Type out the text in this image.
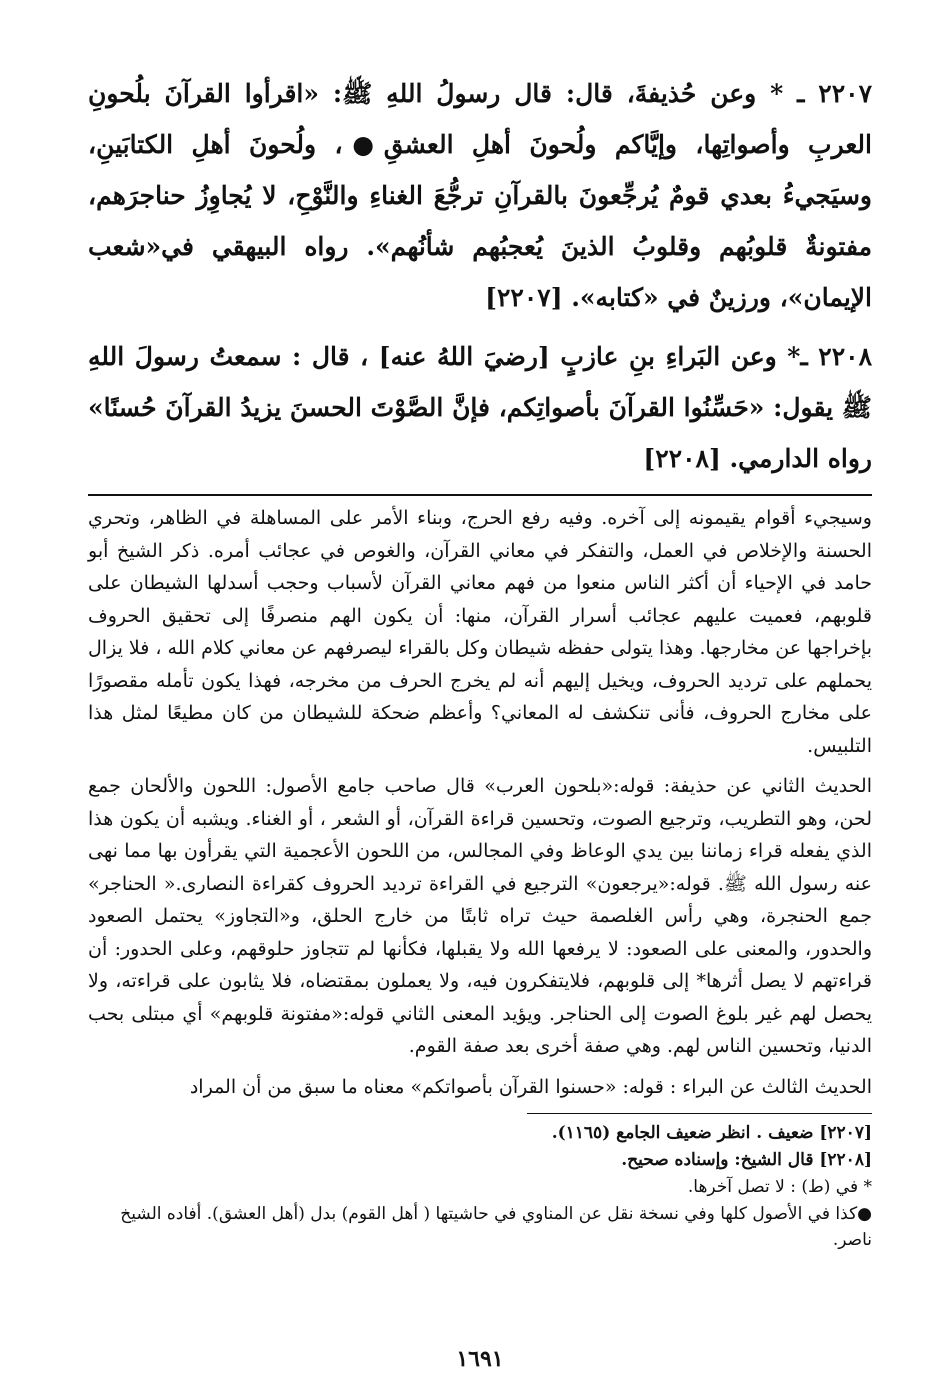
٢٢٠٧ ـ * وعن حُذيفةَ، قال: قال رسولُ اللهِ ﷺ: «اقرأوا القرآنَ بلُحونِ العربِ وأصواتِها، وإيَّاكم ولُحونَ أهلِ العشقِ●، ولُحونَ أهلِ الكتابَينِ، وسيَجيءُ بعدي قومٌ يُرجِّعونَ بالقرآنِ ترجُّعَ الغناءِ والنَّوْحِ، لا يُجاوِزُ حناجرَهم، مفتونةٌ قلوبُهم وقلوبُ الذينَ يُعجبُهم شأنُهم». رواه البيهقي في«شعب الإيمان»، ورزينٌ في «كتابه». [٢٢٠٧]

٢٢٠٨ ـ* وعن البَراءِ بنِ عازبٍ [رضيَ اللهُ عنه] ، قال : سمعتُ رسولَ اللهِ ﷺ يقول: «حَسِّنُوا القرآنَ بأصواتِكم، فإنَّ الصَّوْتَ الحسنَ يزيدُ القرآنَ حُسنًا» رواه الدارمي. [٢٢٠٨]

وسيجيء أقوام يقيمونه إلى آخره. وفيه رفع الحرج، وبناء الأمر على المساهلة في الظاهر، وتحري الحسنة والإخلاص في العمل، والتفكر في معاني القرآن، والغوص في عجائب أمره. ذكر الشيخ أبو حامد في الإحياء أن أكثر الناس منعوا من فهم معاني القرآن لأسباب وحجب أسدلها الشيطان على قلوبهم، فعميت عليهم عجائب أسرار القرآن، منها: أن يكون الهم منصرفًا إلى تحقيق الحروف بإخراجها عن مخارجها. وهذا يتولى حفظه شيطان وكل بالقراء ليصرفهم عن معاني كلام الله ، فلا يزال يحملهم على ترديد الحروف، ويخيل إليهم أنه لم يخرج الحرف من مخرجه، فهذا يكون تأمله مقصورًا على مخارج الحروف، فأنى تنكشف له المعاني؟ وأعظم ضحكة للشيطان من كان مطيعًا لمثل هذا التلبيس.

الحديث الثاني عن حذيفة: قوله:«بلحون العرب» قال صاحب جامع الأصول: اللحون والألحان جمع لحن، وهو التطريب، وترجيع الصوت، وتحسين قراءة القرآن، أو الشعر ، أو الغناء. ويشبه أن يكون هذا الذي يفعله قراء زماننا بين يدي الوعاظ وفي المجالس، من اللحون الأعجمية التي يقرأون بها مما نهى عنه رسول الله ﷺ. قوله:«يرجعون» الترجيع في القراءة ترديد الحروف كقراءة النصارى.« الحناجر» جمع الحنجرة، وهي رأس الغلصمة حيث تراه ثابتًا من خارج الحلق، و«التجاوز» يحتمل الصعود والحدور، والمعنى على الصعود: لا يرفعها الله ولا يقبلها، فكأنها لم تتجاوز حلوقهم، وعلى الحدور: أن قراءتهم لا يصل أثرها* إلى قلوبهم، فلايتفكرون فيه، ولا يعملون بمقتضاه، فلا يثابون على قراءته، ولا يحصل لهم غير بلوغ الصوت إلى الحناجر. ويؤيد المعنى الثاني قوله:«مفتونة قلوبهم» أي مبتلى بحب الدنيا، وتحسين الناس لهم. وهي صفة أخرى بعد صفة القوم.

الحديث الثالث عن البراء : قوله: «حسنوا القرآن بأصواتكم» معناه ما سبق من أن المراد

[٢٢٠٧] ضعيف . انظر ضعيف الجامع (١١٦٥).
[٢٢٠٨] قال الشيخ: وإسناده صحيح.
* في (ط) : لا تصل آخرها.
●كذا في الأصول كلها وفي نسخة نقل عن المناوي في حاشيتها ( أهل القوم) بدل (أهل العشق). أفاده الشيخ ناصر.
١٦٩١
